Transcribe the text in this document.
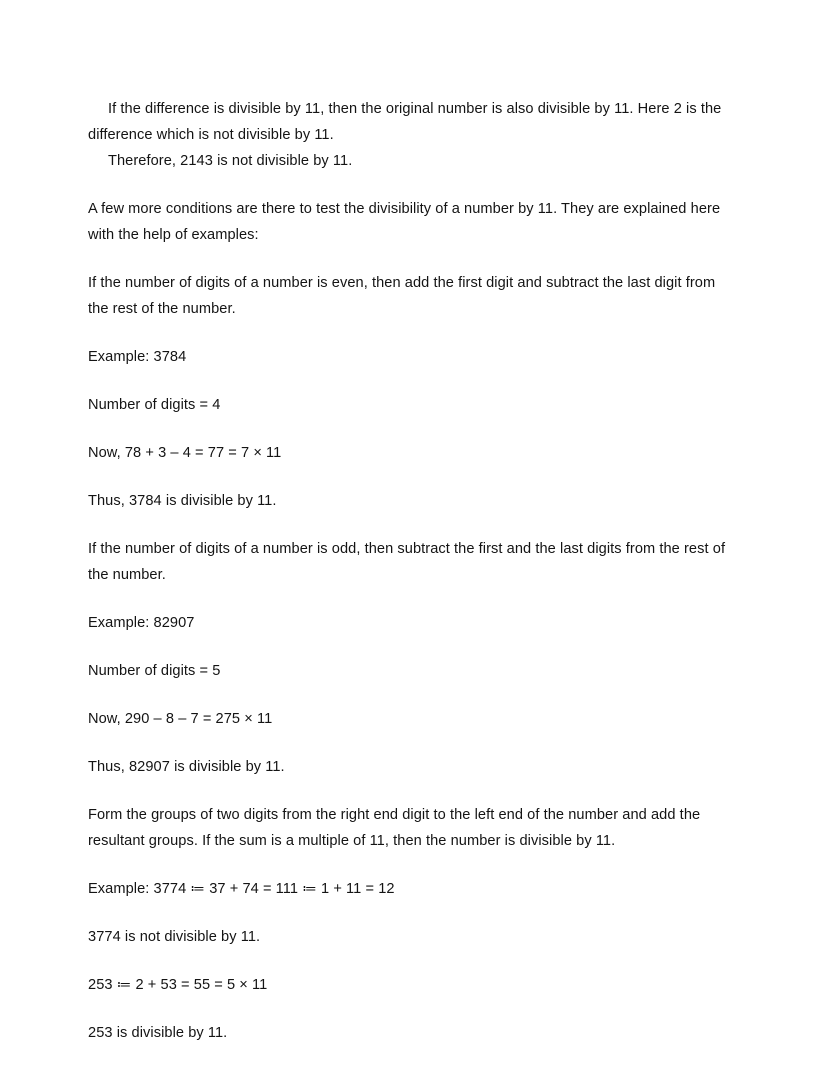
If the difference is divisible by 11, then the original number is also divisible by 11. Here 2 is the difference which is not divisible by 11.

Therefore, 2143 is not divisible by 11.

A few more conditions are there to test the divisibility of a number by 11. They are explained here with the help of examples:

If the number of digits of a number is even, then add the first digit and subtract the last digit from the rest of the number.

Example: 3784

Number of digits = 4

Now, 78 + 3 – 4 = 77 = 7 × 11

Thus, 3784 is divisible by 11.

If the number of digits of a number is odd, then subtract the first and the last digits from the rest of the number.

Example: 82907

Number of digits = 5

Now, 290 – 8 – 7 = 275 × 11

Thus, 82907 is divisible by 11.

Form the groups of two digits from the right end digit to the left end of the number and add the resultant groups. If the sum is a multiple of 11, then the number is divisible by 11.

Example: 3774 ≔ 37 + 74 = 111 ≔ 1 + 11 = 12

3774 is not divisible by 11.

253 ≔ 2 + 53 = 55 = 5 × 11

253 is divisible by 11.
